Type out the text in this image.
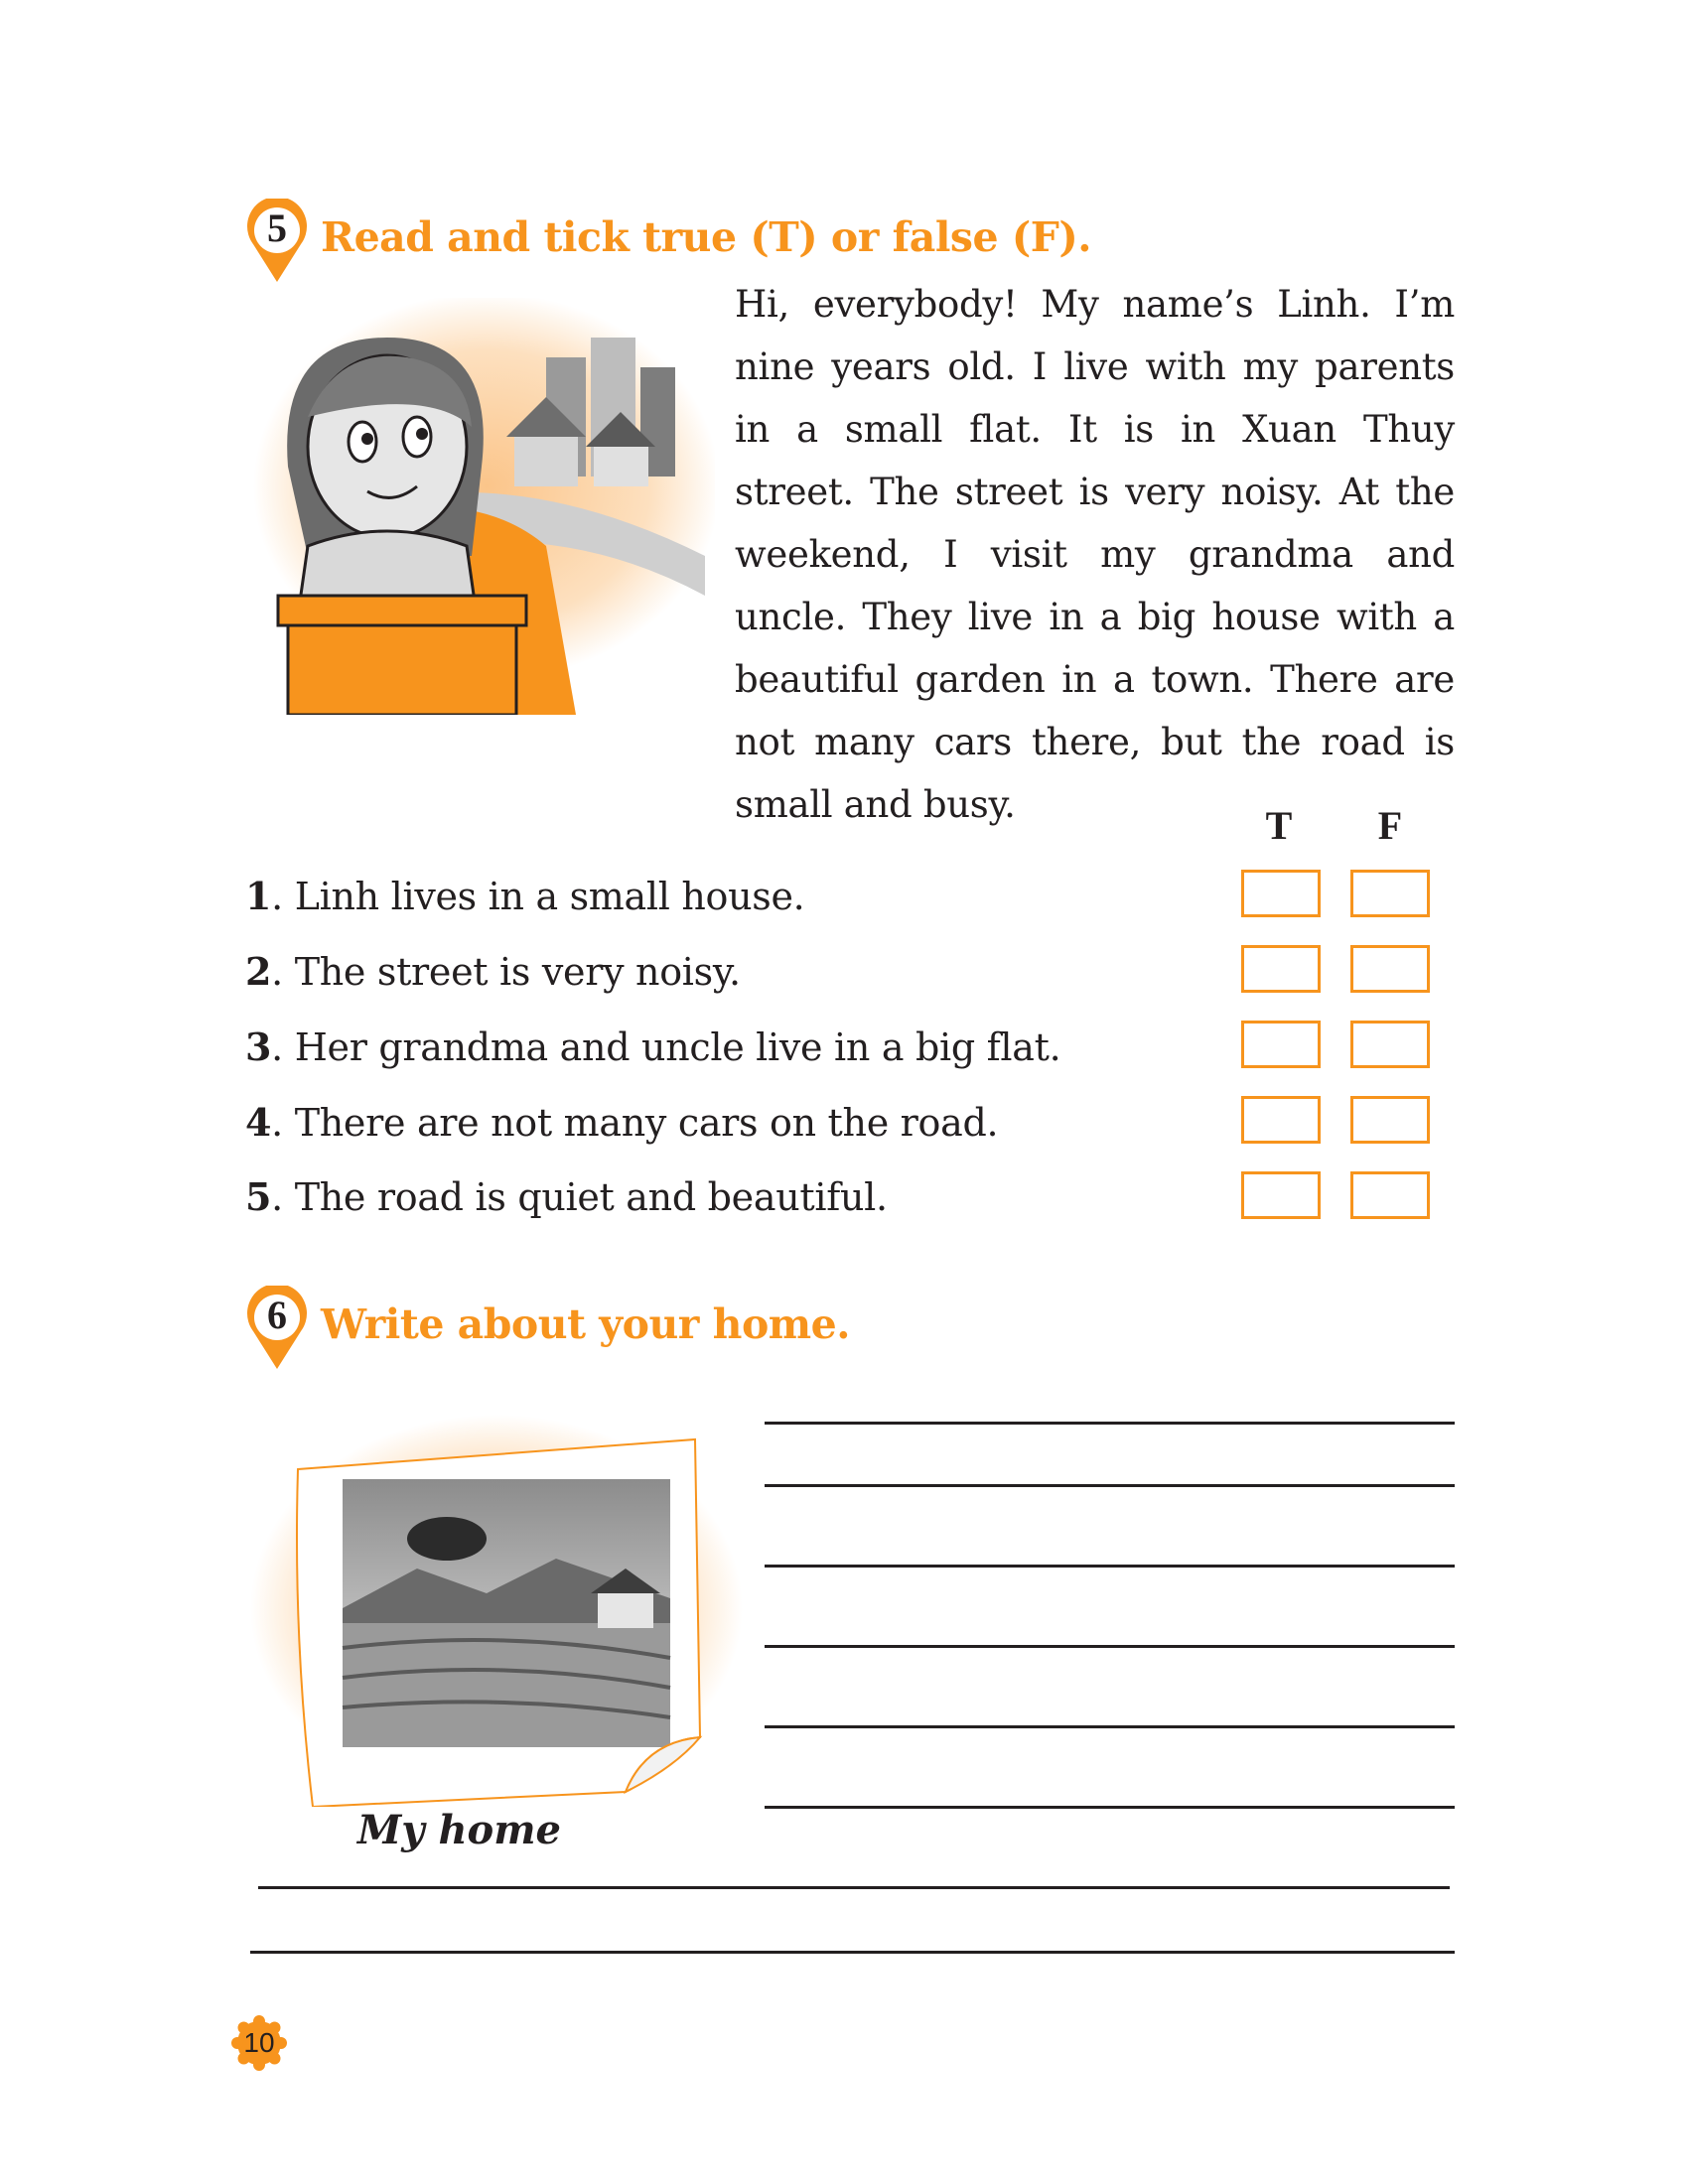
5 Read and tick true (T) or false (F).
Hi, everybody! My name’s Linh. I’m nine years old. I live with my parents in a small flat. It is in Xuan Thuy street. The street is very noisy. At the weekend, I visit my grandma and uncle. They live in a big house with a beautiful garden in a town. There are not many cars there, but the road is small and busy.	T	F
1. Linh lives in a small house.
2. The street is very noisy.
3. Her grandma and uncle live in a big flat.
4. There are not many cars on the road.
5. The road is quiet and beautiful.
6 Write about your home.
My home
10
